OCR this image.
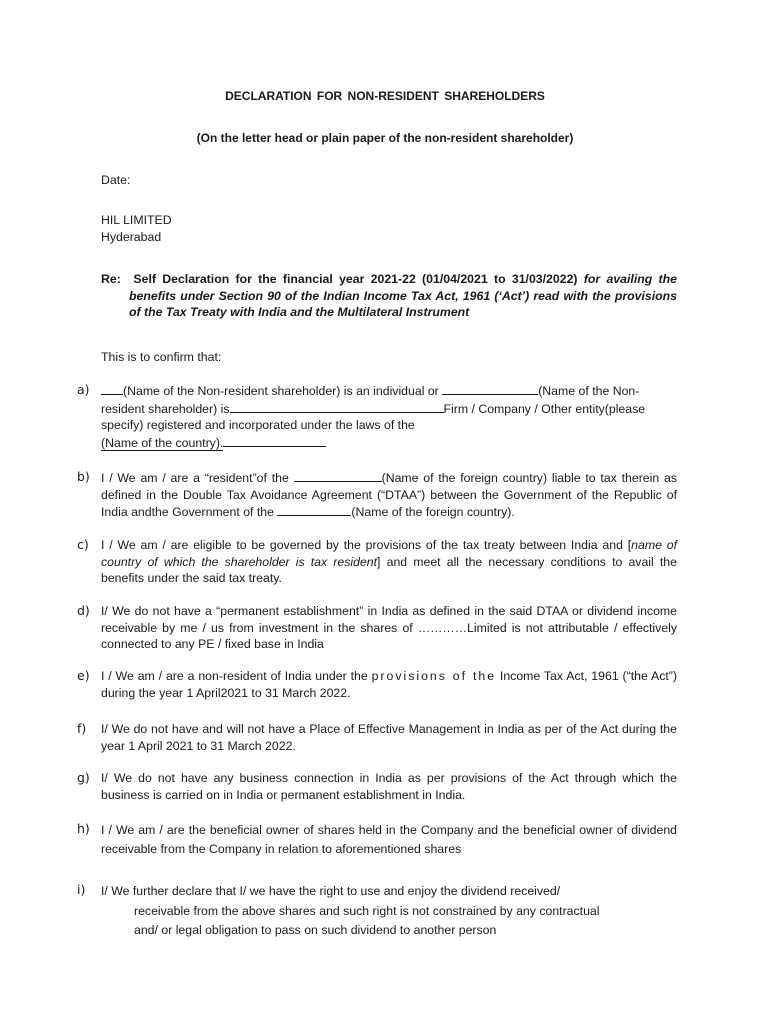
DECLARATION FOR NON-RESIDENT SHAREHOLDERS
(On the letter head or plain paper of the non-resident shareholder)
Date:
HIL LIMITED
Hyderabad
Re: Self Declaration for the financial year 2021-22 (01/04/2021 to 31/03/2022) for availing the benefits under Section 90 of the Indian Income Tax Act, 1961 (‘Act’) read with the provisions of the Tax Treaty with India and the Multilateral Instrument
This is to confirm that:
a)	(Name of the Non-resident shareholder) is an individual or	(Name of the Non-
resident shareholder) is	Firm / Company / Other entity(please
specify) registered and incorporated under the laws of the
(Name of the country).
b) I / We am / are a “resident”of the	(Name of the foreign country) liable to tax therein as defined in the Double Tax Avoidance Agreement (“DTAA”) between the Government of the Republic of India andthe Government of the	(Name of the foreign country).
c) I / We am / are eligible to be governed by the provisions of the tax treaty between India and [name of country of which the shareholder is tax resident] and meet all the necessary conditions to avail the benefits under the said tax treaty.
d) I/ We do not have a “permanent establishment” in India as defined in the said DTAA or dividend income receivable by me / us from investment in the shares of …………Limited is not attributable / effectively connected to any PE / fixed base in India
e) I / We am / are a non-resident of India under the provisions of the Income Tax Act, 1961 (“the Act”) during the year 1 April2021 to 31 March 2022.
f) I/ We do not have and will not have a Place of Effective Management in India as per of the Act during the year 1 April 2021 to 31 March 2022.
g) I/ We do not have any business connection in India as per provisions of the Act through which the business is carried on in India or permanent establishment in India.
h) I / We am / are the beneficial owner of shares held in the Company and the beneficial owner of dividend receivable from the Company in relation to aforementioned shares
i) I/ We further declare that I/ we have the right to use and enjoy the dividend received/
receivable from the above shares and such right is not constrained by any contractual
and/ or legal obligation to pass on such dividend to another person
